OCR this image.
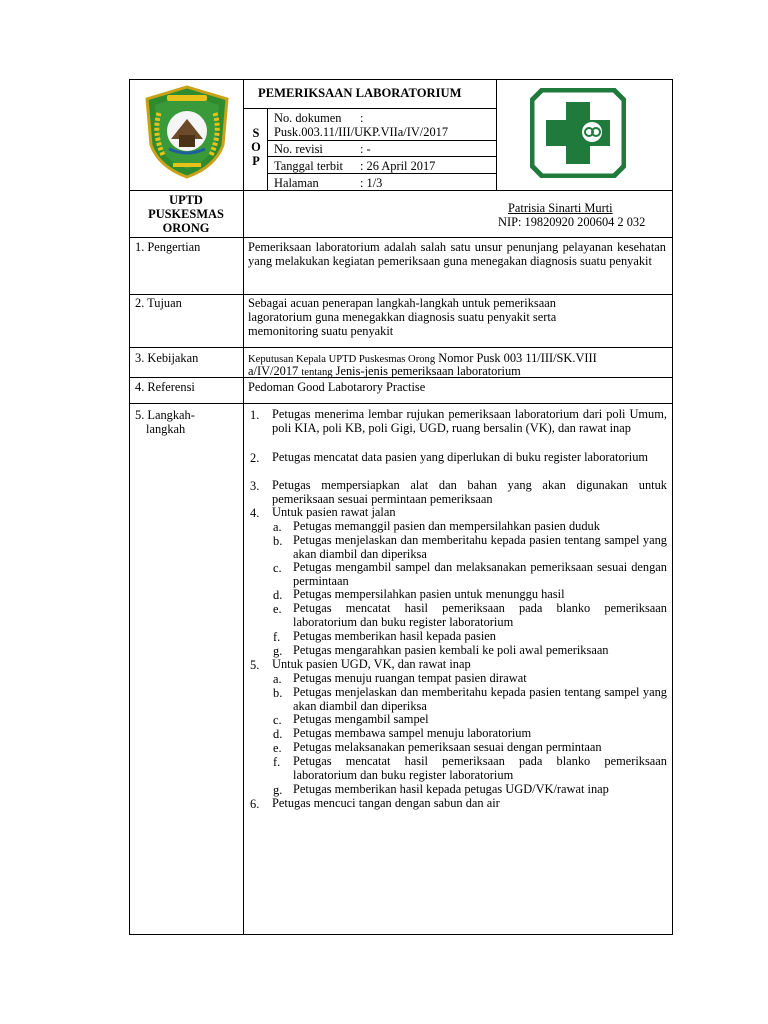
PEMERIKSAAN LABORATORIUM
S
O
P
No. dokumen :
Pusk.003.11/III/UKP.VIIa/IV/2017
No. revisi	: -
Tanggal terbit : 26 April 2017
Halaman	: 1/3
UPTD
PUSKESMAS
ORONG
Patrisia Sinarti Murti
NIP: 19820920 200604 2 032
1. Pengertian	Pemeriksaan laboratorium adalah salah satu unsur penunjang pelayanan kesehatan yang melakukan kegiatan pemeriksaan guna menegakan diagnosis suatu penyakit
2. Tujuan	Sebagai acuan penerapan langkah-langkah untuk pemeriksaan lagoratorium guna menegakkan diagnosis suatu penyakit serta memonitoring suatu penyakit
3. Kebijakan	Keputusan Kepala UPTD Puskesmas Orong Nomor Pusk 003 11/III/SK.VIII
a/IV/2017 tentang Jenis-jenis pemeriksaan laboratorium
4. Referensi	Pedoman Good Labotarory Practise
5. Langkah-
langkah
1. Petugas menerima lembar rujukan pemeriksaan laboratorium dari poli Umum, poli KIA, poli KB, poli Gigi, UGD, ruang bersalin (VK), dan rawat inap
2. Petugas mencatat data pasien yang diperlukan di buku register laboratorium
3. Petugas mempersiapkan alat dan bahan yang akan digunakan untuk pemeriksaan sesuai permintaan pemeriksaan
4. Untuk pasien rawat jalan
a. Petugas memanggil pasien dan mempersilahkan pasien duduk
b. Petugas menjelaskan dan memberitahu kepada pasien tentang sampel yang akan diambil dan diperiksa
c. Petugas mengambil sampel dan melaksanakan pemeriksaan sesuai dengan permintaan
d. Petugas mempersilahkan pasien untuk menunggu hasil
e. Petugas mencatat hasil pemeriksaan pada blanko pemeriksaan laboratorium dan buku register laboratorium
f. Petugas memberikan hasil kepada pasien
g. Petugas mengarahkan pasien kembali ke poli awal pemeriksaan
5. Untuk pasien UGD, VK, dan rawat inap
a. Petugas menuju ruangan tempat pasien dirawat
b. Petugas menjelaskan dan memberitahu kepada pasien tentang sampel yang akan diambil dan diperiksa
c. Petugas mengambil sampel
d. Petugas membawa sampel menuju laboratorium
e. Petugas melaksanakan pemeriksaan sesuai dengan permintaan
f. Petugas mencatat hasil pemeriksaan pada blanko pemeriksaan laboratorium dan buku register laboratorium
g. Petugas memberikan hasil kepada petugas UGD/VK/rawat inap
6. Petugas mencuci tangan dengan sabun dan air
